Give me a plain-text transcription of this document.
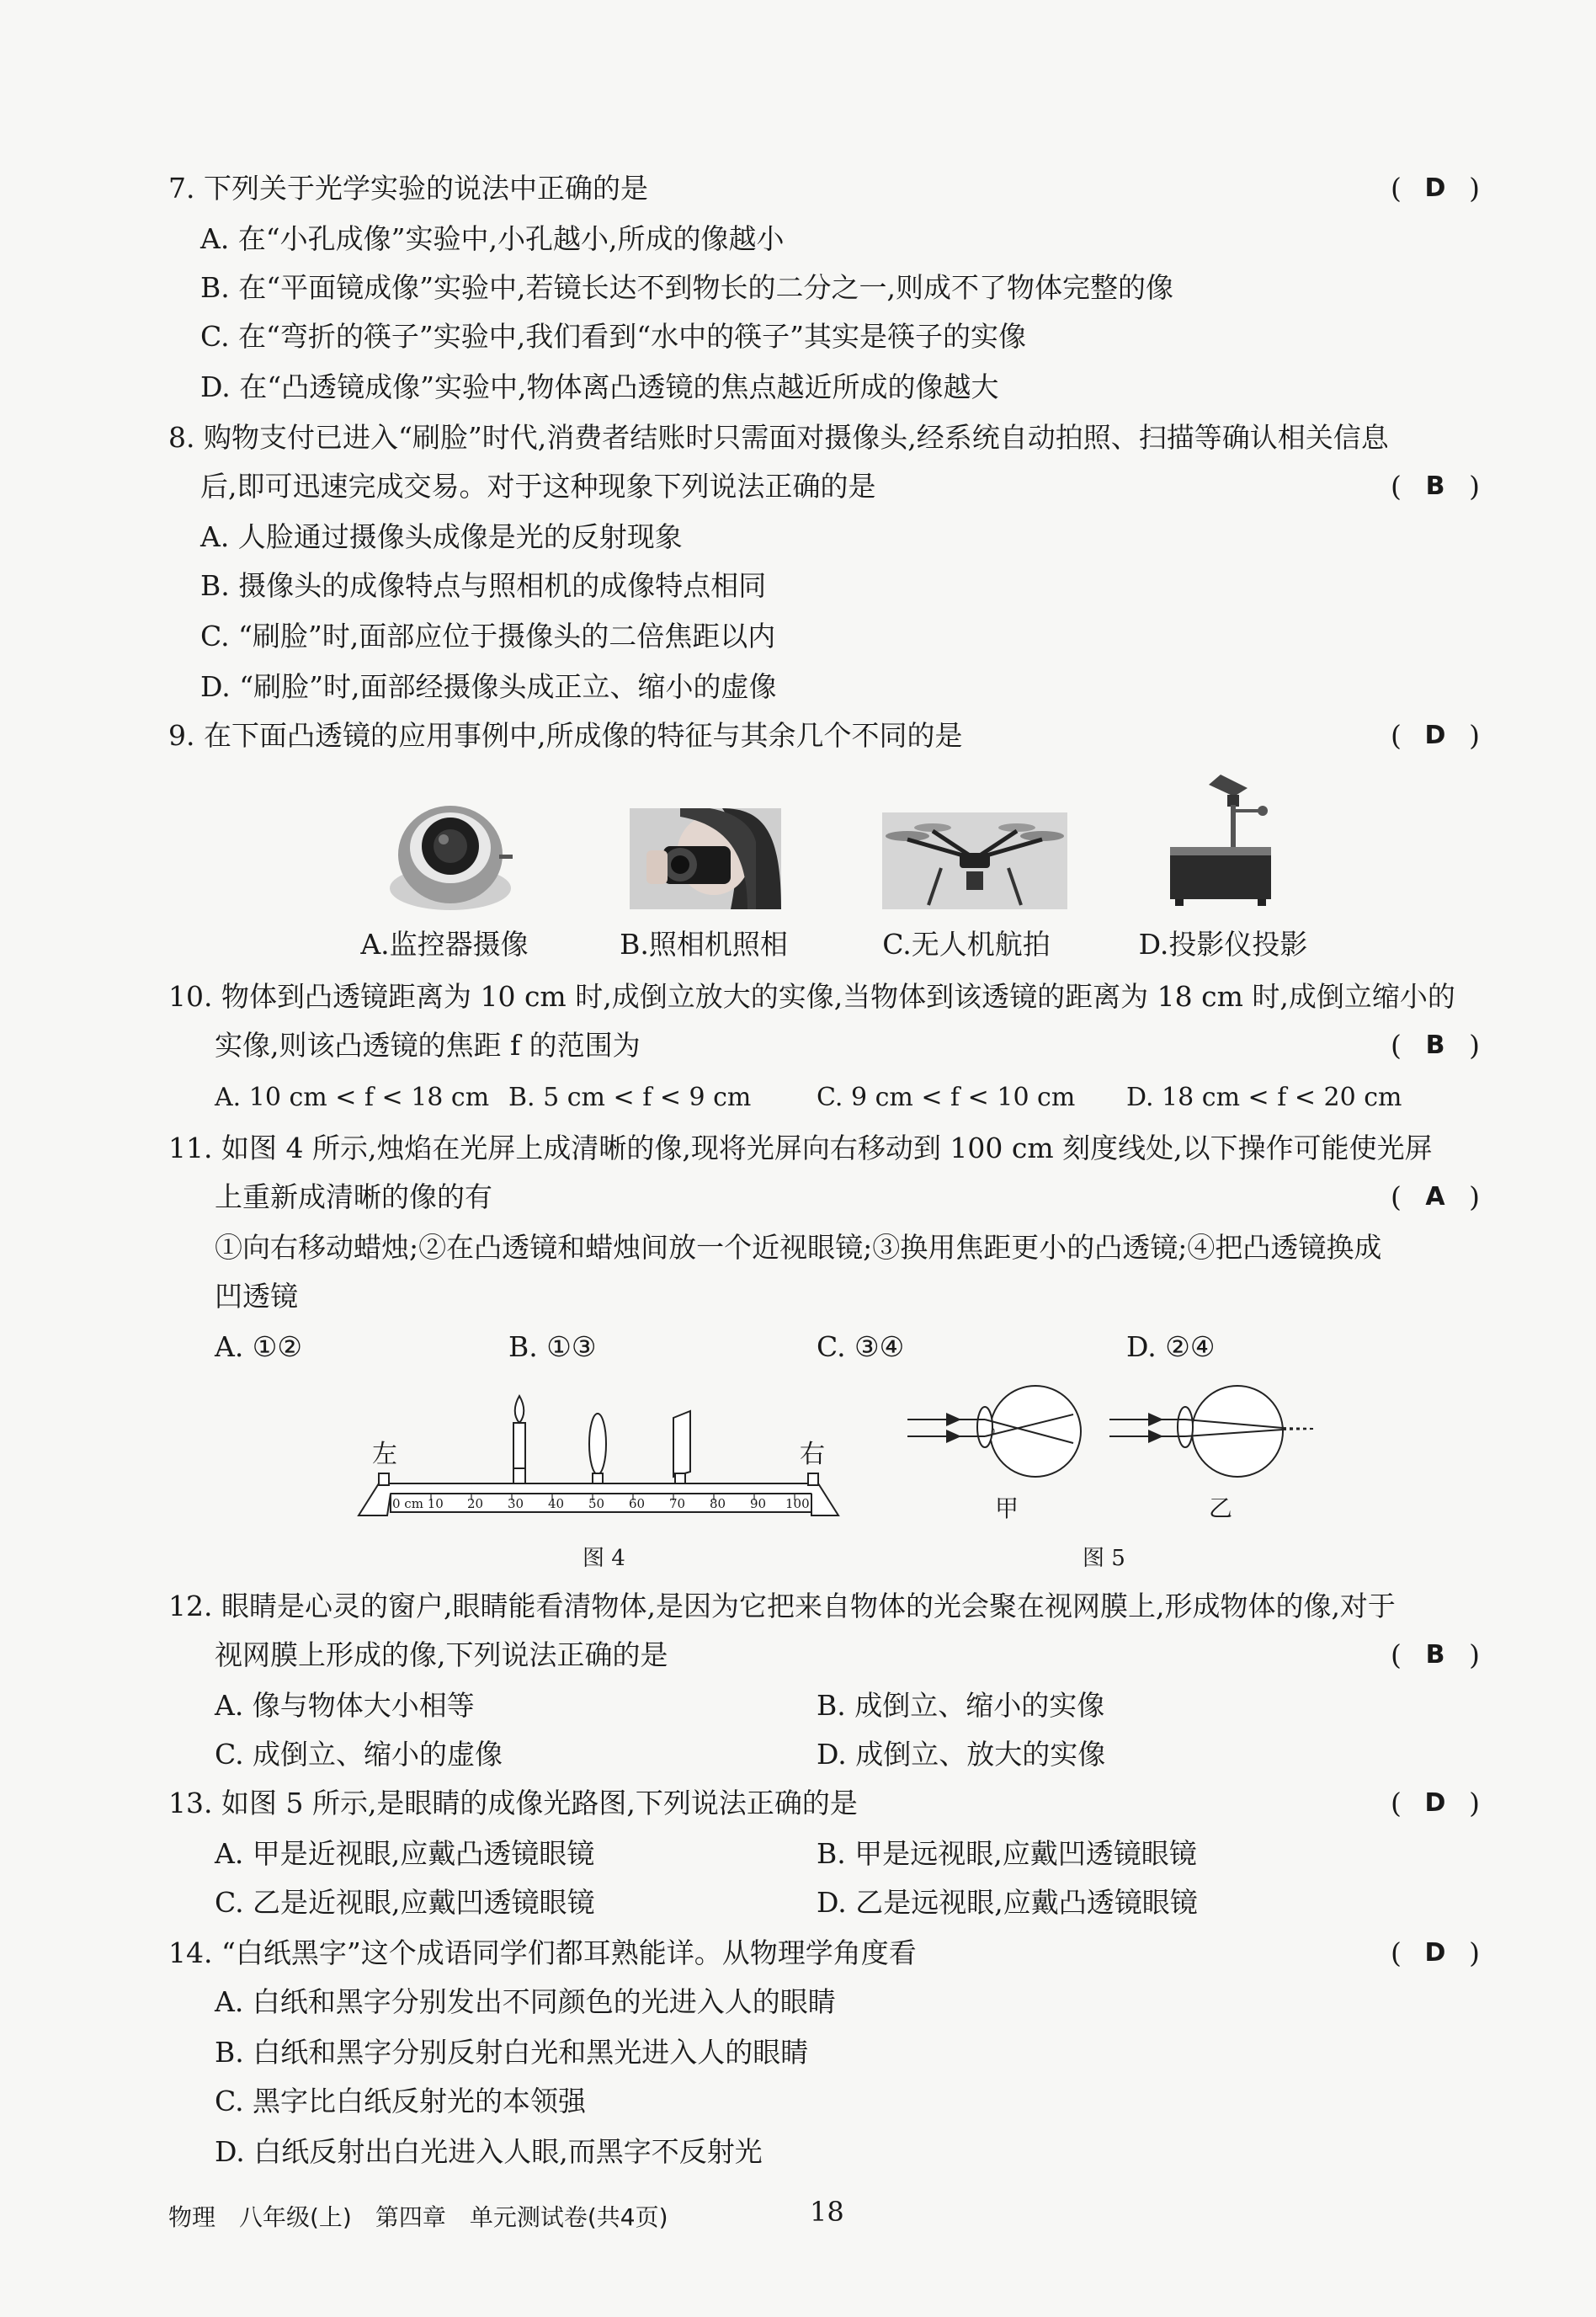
7. 下列关于光学实验的说法中正确的是	( D )
A. 在“小孔成像”实验中,小孔越小,所成的像越小
B. 在“平面镜成像”实验中,若镜长达不到物长的二分之一,则成不了物体完整的像
C. 在“弯折的筷子”实验中,我们看到“水中的筷子”其实是筷子的实像
D. 在“凸透镜成像”实验中,物体离凸透镜的焦点越近所成的像越大
8. 购物支付已进入“刷脸”时代,消费者结账时只需面对摄像头,经系统自动拍照、扫描等确认相关信息
后,即可迅速完成交易。对于这种现象下列说法正确的是	( B )
A. 人脸通过摄像头成像是光的反射现象
B. 摄像头的成像特点与照相机的成像特点相同
C. “刷脸”时,面部应位于摄像头的二倍焦距以内
D. “刷脸”时,面部经摄像头成正立、缩小的虚像
9. 在下面凸透镜的应用事例中,所成像的特征与其余几个不同的是	( D )
A.监控器摄像	B.照相机照相	C.无人机航拍	D.投影仪投影
10. 物体到凸透镜距离为 10 cm 时,成倒立放大的实像,当物体到该透镜的距离为 18 cm 时,成倒立缩小的
实像,则该凸透镜的焦距 f 的范围为	( B )
A. 10 cm < f < 18 cm B. 5 cm < f < 9 cm	C. 9 cm < f < 10 cm D. 18 cm < f < 20 cm
11. 如图 4 所示,烛焰在光屏上成清晰的像,现将光屏向右移动到 100 cm 刻度线处,以下操作可能使光屏
上重新成清晰的像的有	( A )
①向右移动蜡烛;②在凸透镜和蜡烛间放一个近视眼镜;③换用焦距更小的凸透镜;④把凸透镜换成
凹透镜
A. ①②	B. ①③	C. ③④	D. ②④
左	右
0 cm 10 20 30 40 50 60 70 80 90 100
图 4
甲	乙
图 5
12. 眼睛是心灵的窗户,眼睛能看清物体,是因为它把来自物体的光会聚在视网膜上,形成物体的像,对于
视网膜上形成的像,下列说法正确的是	( B )
A. 像与物体大小相等	B. 成倒立、缩小的实像
C. 成倒立、缩小的虚像	D. 成倒立、放大的实像
13. 如图 5 所示,是眼睛的成像光路图,下列说法正确的是	( D )
A. 甲是近视眼,应戴凸透镜眼镜	B. 甲是远视眼,应戴凹透镜眼镜
C. 乙是近视眼,应戴凹透镜眼镜	D. 乙是远视眼,应戴凸透镜眼镜
14. “白纸黑字”这个成语同学们都耳熟能详。从物理学角度看	( D )
A. 白纸和黑字分别发出不同颜色的光进入人的眼睛
B. 白纸和黑字分别反射白光和黑光进入人的眼睛
C. 黑字比白纸反射光的本领强
D. 白纸反射出白光进入人眼,而黑字不反射光
物理　八年级(上)　第四章　单元测试卷(共4页)	18
